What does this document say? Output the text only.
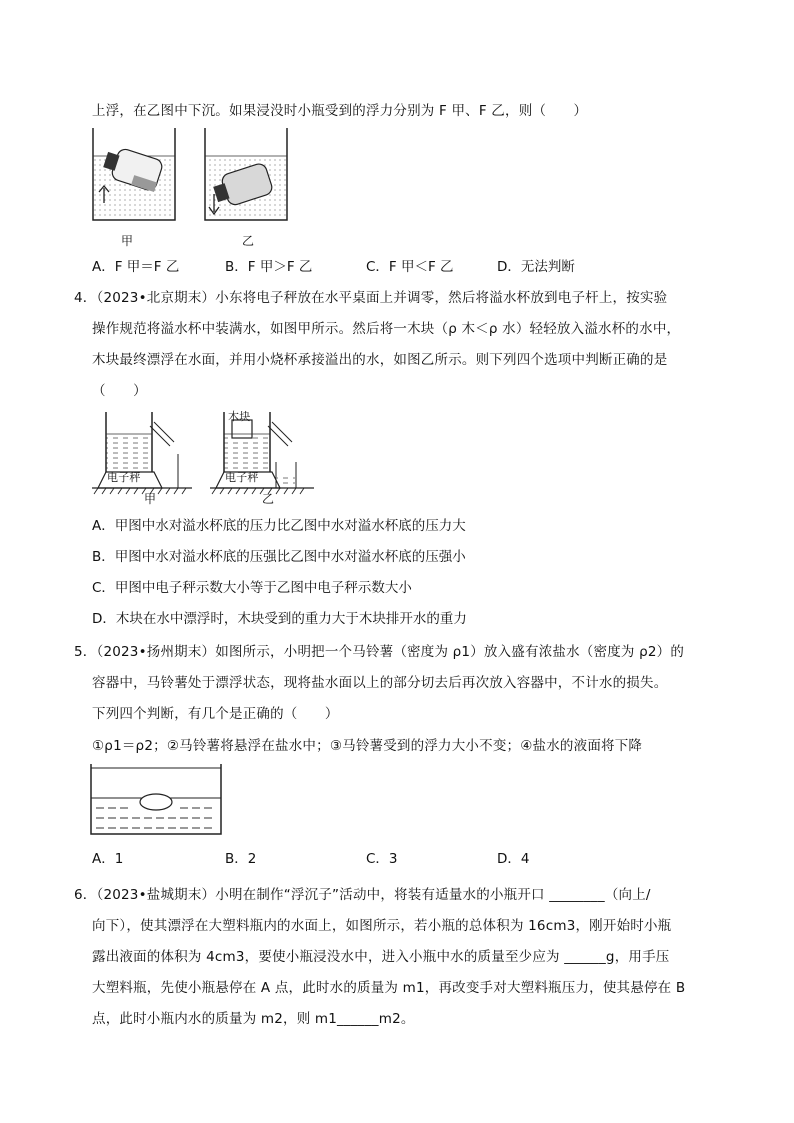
上浮，在乙图中下沉。如果浸没时小瓶受到的浮力分别为 F 甲、F 乙，则（　　）
甲	乙
A．F 甲＝F 乙	B．F 甲＞F 乙	C．F 甲＜F 乙	D．无法判断
4．（2023•北京期末）小东将电子秤放在水平桌面上并调零，然后将溢水杯放到电子杆上，按实验
操作规范将溢水杯中装满水，如图甲所示。然后将一木块（ρ 木＜ρ 水）轻轻放入溢水杯的水中，
木块最终漂浮在水面，并用小烧杯承接溢出的水，如图乙所示。则下列四个选项中判断正确的是
（　　）
木块
电子秤	电子秤
甲	乙
A．甲图中水对溢水杯底的压力比乙图中水对溢水杯底的压力大
B．甲图中水对溢水杯底的压强比乙图中水对溢水杯底的压强小
C．甲图中电子秤示数大小等于乙图中电子秤示数大小
D．木块在水中漂浮时，木块受到的重力大于木块排开水的重力
5．（2023•扬州期末）如图所示，小明把一个马铃薯（密度为 ρ1）放入盛有浓盐水（密度为 ρ2）的
容器中，马铃薯处于漂浮状态，现将盐水面以上的部分切去后再次放入容器中，不计水的损失。
下列四个判断，有几个是正确的（　　）
①ρ1＝ρ2；②马铃薯将悬浮在盐水中；③马铃薯受到的浮力大小不变；④盐水的液面将下降
A．1	B．2	C．3	D．4
6．（2023•盐城期末）小明在制作“浮沉子”活动中，将装有适量水的小瓶开口 ________（向上/
向下），使其漂浮在大塑料瓶内的水面上，如图所示，若小瓶的总体积为 16cm3，刚开始时小瓶
露出液面的体积为 4cm3，要使小瓶浸没水中，进入小瓶中水的质量至少应为 ______g，用手压
大塑料瓶，先使小瓶悬停在 A 点，此时水的质量为 m1，再改变手对大塑料瓶压力，使其悬停在 B
点，此时小瓶内水的质量为 m2，则 m1______m2。
